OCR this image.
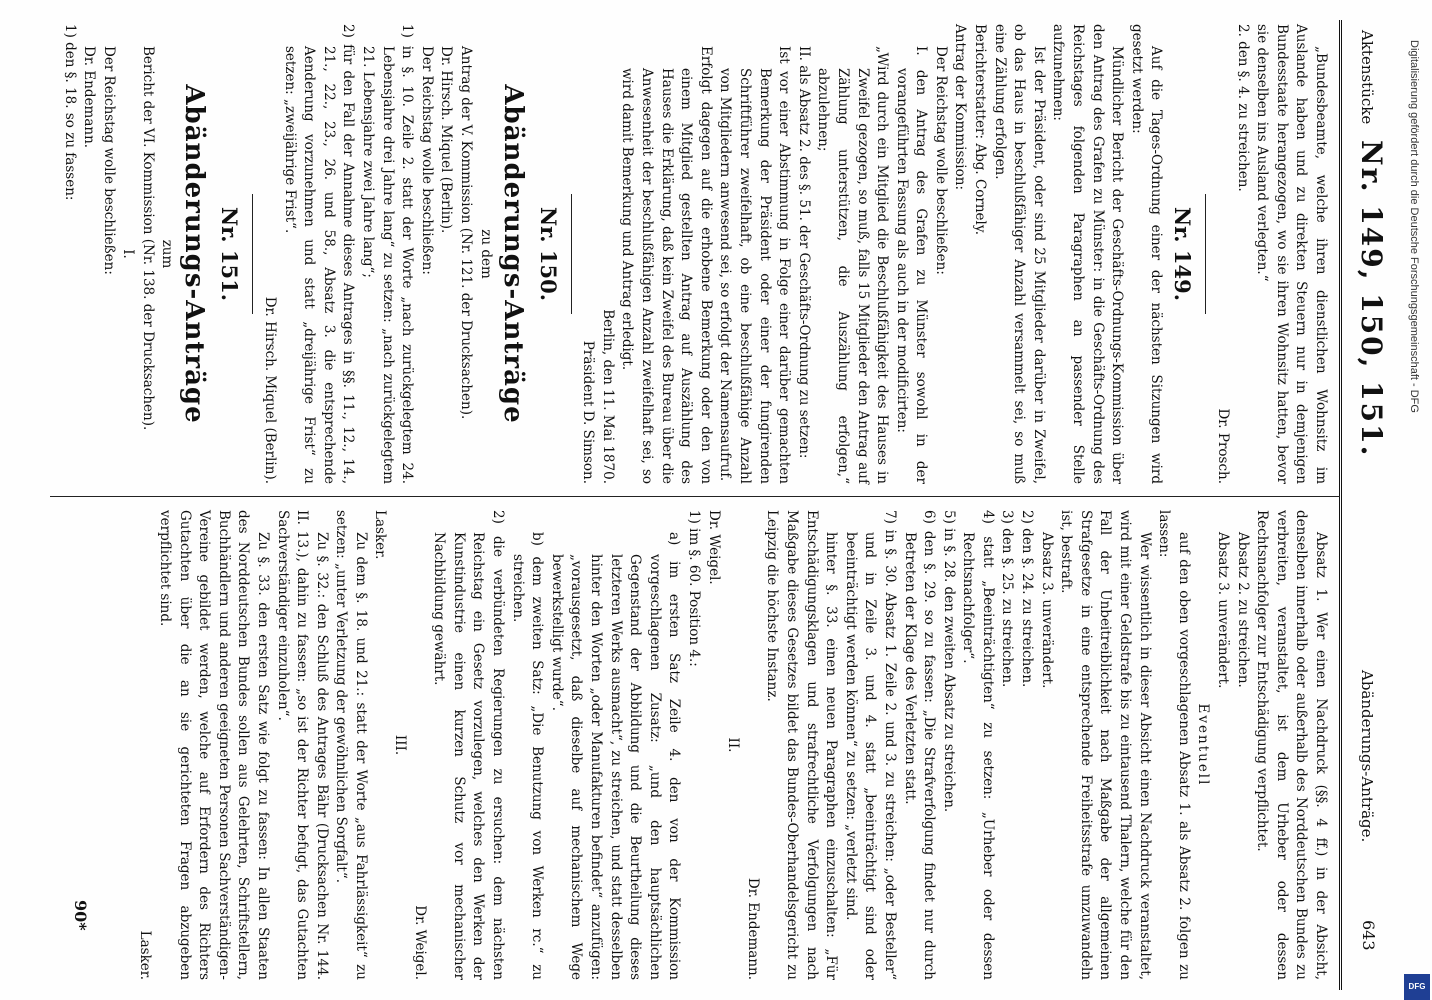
Aktenstücke
Nr. 149, 150, 151.
Abänderungs-Anträge.
643

„Bundesbeamte, welche ihren dienstlichen Wohnsitz im Auslande haben und zu direkten Steuern nur in demjenigen Bundesstaate herangezogen, wo sie ihren Wohnsitz hatten, bevor sie denselben ins Ausland verlegten.“

2. den §. 4. zu streichen.

Dr. Prosch.

Nr. 149.

Auf die Tages-Ordnung einer der nächsten Sitzungen wird gesetzt werden:

Mündlicher Bericht der Geschäfts-Ordnungs-Kommission über den Antrag des Grafen zu Münster: in die Geschäfts-Ordnung des Reichstages folgenden Paragraphen an passender Stelle aufzunehmen:

Ist der Präsident, oder sind 25 Mitglieder darüber in Zweifel, ob das Haus in beschlußfähiger Anzahl versammelt sei, so muß eine Zählung erfolgen.

Berichterstatter: Abg. Cornely.

Antrag der Kommission:

Der Reichstag wolle beschließen:

I. den Antrag des Grafen zu Münster sowohl in der vorangeführten Fassung als auch in der modificirten:

„Wird durch ein Mitglied die Beschlußfähigkeit des Hauses in Zweifel gezogen, so muß, falls 15 Mitglieder den Antrag auf Zählung unterstützen, die Auszählung erfolgen,“ abzulehnen;

II. als Absatz 2. des §. 51. der Geschäfts-Ordnung zu setzen:

Ist vor einer Abstimmung in Folge einer darüber gemachten Bemerkung der Präsident oder einer der fungirenden Schriftführer zweifelhaft, ob eine beschlußfähige Anzahl von Mitgliedern anwesend sei, so erfolgt der Namensaufruf.

Erfolgt dagegen auf die erhobene Bemerkung oder den von einem Mitglied gestellten Antrag auf Auszählung des Hauses die Erklärung, daß kein Zweifel des Bureau über die Anwesenheit der beschlußfähigen Anzahl zweifelhaft sei, so wird damit Bemerkung und Antrag erledigt.

Berlin, den 11. Mai 1870.

Präsident D. Simson.

Nr. 150.

Abänderungs-Anträge

zu dem

Antrag der V. Kommission (Nr. 121. der Drucksachen).

Dr. Hirsch. Miquel (Berlin).

Der Reichstag wolle beschließen:

1) in §. 10. Zeile 2. statt der Worte „nach zurückgelegtem 24. Lebensjahre drei Jahre lang“ zu setzen: „nach zurückgelegtem 21. Lebensjahre zwei Jahre lang“;

2) für den Fall der Annahme dieses Antrages in §§. 11., 12., 14., 21., 22., 23., 26. und 58., Absatz 3. die entsprechende Aenderung vorzunehmen und statt „dreijährige Frist“ zu setzen: „zweijährige Frist“.

Dr. Hirsch. Miquel (Berlin).

Nr. 151.

Abänderungs-Anträge

zum

Bericht der VI. Kommission (Nr. 138. der Drucksachen).

I.

Der Reichstag wolle beschließen:

Dr. Endemann.

1) den §. 18. so zu fassen:

Absatz 1. Wer einen Nachdruck (§§. 4 ff.) in der Absicht, denselben innerhalb oder außerhalb des Norddeutschen Bundes zu verbreiten, veranstaltet, ist dem Urheber oder dessen Rechtsnachfolger zur Entschädigung verpflichtet.

Absatz 2. zu streichen.

Absatz 3. unverändert.

Eventuell

auf den oben vorgeschlagenen Absatz 1. als Absatz 2. folgen zu lassen:

Wer wissentlich in dieser Absicht einen Nachdruck veranstaltet, wird mit einer Geldstrafe bis zu eintausend Thalern, welche für den Fall der Unbeitreiblichkeit nach Maßgabe der allgemeinen Strafgesetze in eine entsprechende Freiheitsstrafe umzuwandeln ist, bestraft.

Absatz 3. unverändert.

2) den §. 24. zu streichen.

3) den §. 25. zu streichen.

4) statt „Beeinträchtigten“ zu setzen: „Urheber oder dessen Rechtsnachfolger“.

5) in §. 28. den zweiten Absatz zu streichen.

6) den §. 29. so zu fassen: „Die Strafverfolgung findet nur durch Betreten der Klage des Verletzten statt.

7) in §. 30. Absatz 1. Zeile 2. und 3. zu streichen: „oder Besteller“ und in Zeile 3. und 4. statt „beeinträchtigt sind oder beeinträchtigt werden können“ zu setzen: „verletzt sind.

hinter §. 33. einen neuen Paragraphen einzuschalten: „Für Entschädigungsklagen und strafrechtliche Verfolgungen nach Maßgabe dieses Gesetzes bildet das Bundes-Oberhandelsgericht zu Leipzig die höchste Instanz.

Dr. Endemann.

II.

Dr. Weigel.

1) im §. 60. Position 4.:

a) im ersten Satz Zeile 4. den von der Kommission vorgeschlagenen Zusatz: „und den hauptsächlichen Gegenstand der Abbildung und die Beurtheilung dieses letzteren Werks ausmacht“, zu streichen, und statt desselben hinter den Worten „oder Manufakturen befindet“ anzufügen: „vorausgesetzt, daß dieselbe auf mechanischem Wege bewerkstelligt wurde“.

b) dem zweiten Satz: „Die Benutzung von Werken rc.“ zu streichen.

2) die verbündeten Regierungen zu ersuchen: dem nächsten Reichstag ein Gesetz vorzulegen, welches den Werken der Kunstindustrie einen kurzen Schutz vor mechanischer Nachbildung gewährt.

Dr. Weigel.

III.

Lasker.

Zu dem §. 18. und 21.: statt der Worte „aus Fahrlässigkeit“ zu setzen: „unter Verletzung der gewöhnlichen Sorgfalt“.

Zu §. 32.: den Schluß des Antrages Bähr (Drucksachen Nr. 144. II. 13.), dahin zu fassen: „so ist der Richter befugt, das Gutachten Sachverständiger einzuholen“.

Zu §. 33. den ersten Satz wie folgt zu fassen: In allen Staaten des Norddeutschen Bundes sollen aus Gelehrten, Schriftstellern, Buchhändlern und anderen geeigneten Personen Sachverständigen-Vereine gebildet werden, welche auf Erfordern des Richters Gutachten über die an sie gerichteten Fragen abzugeben verpflichtet sind.

Lasker.

90*
Digitalisierung gefördert durch die Deutsche Forschungsgemeinschaft - DFG
DFG
